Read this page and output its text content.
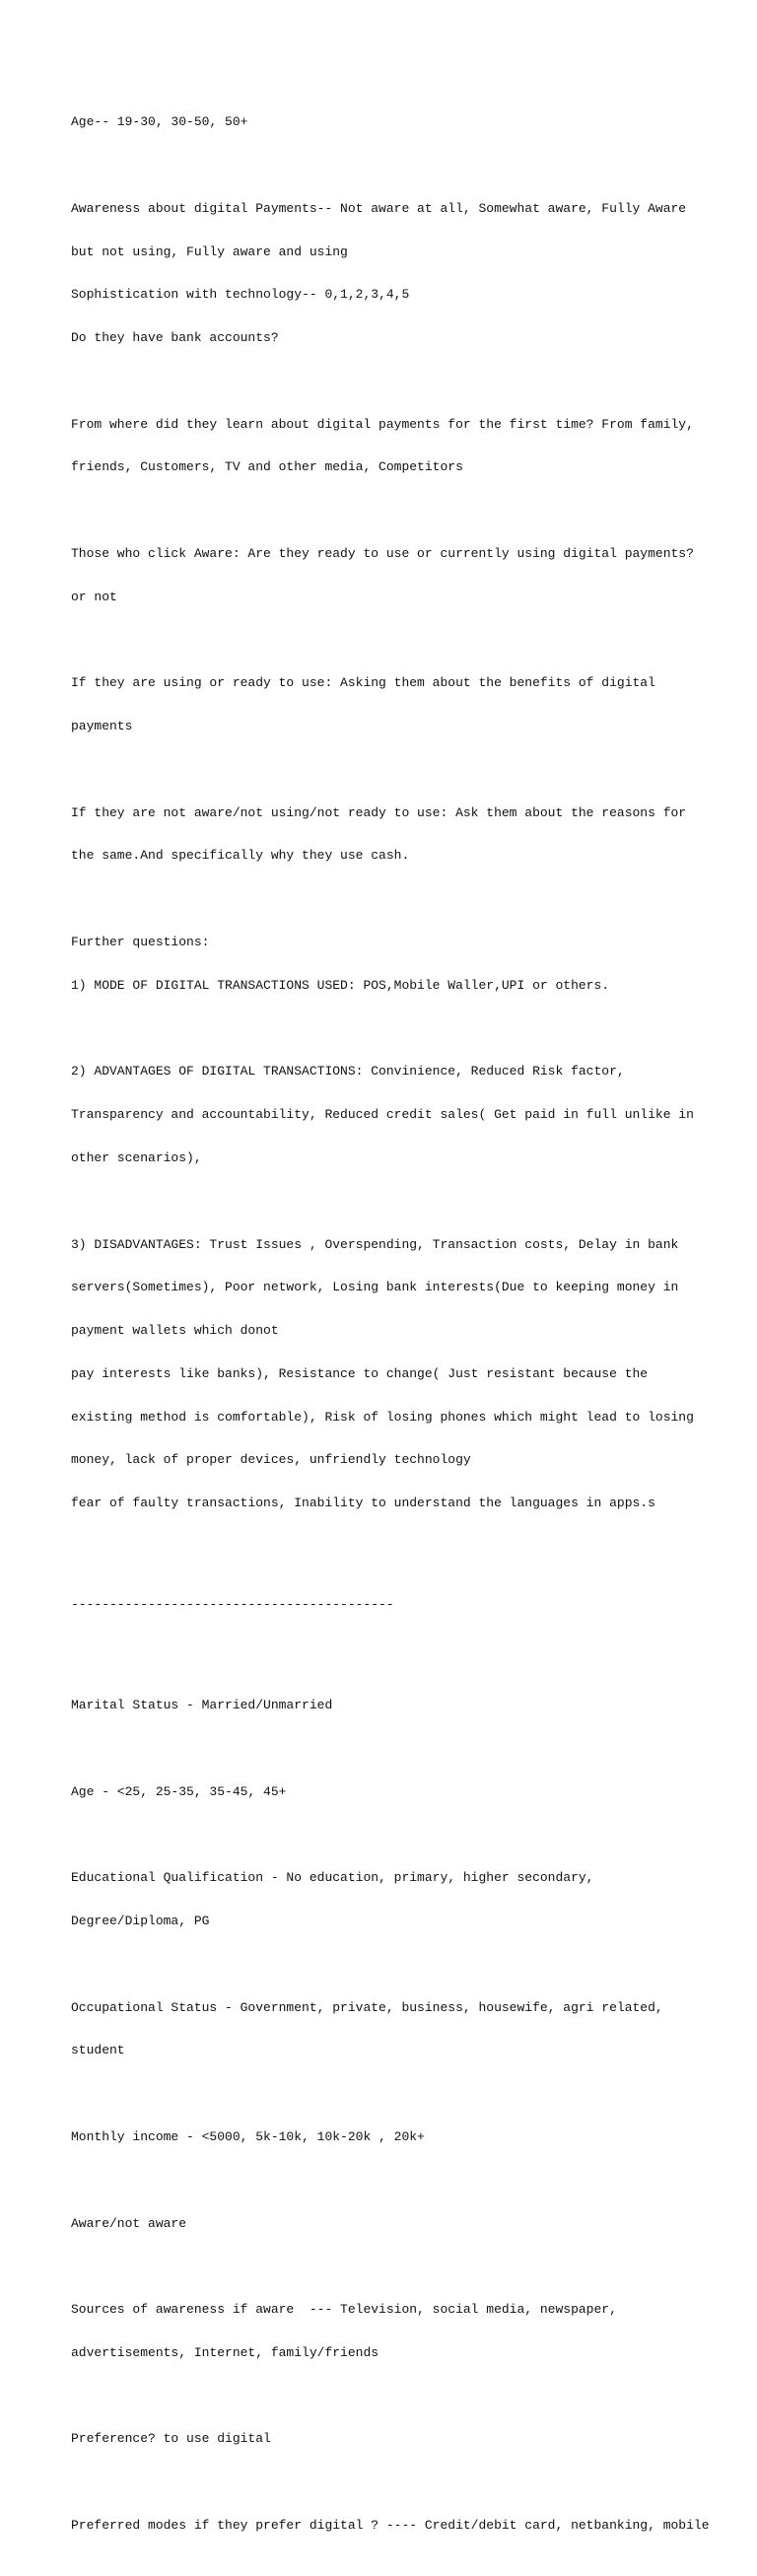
Age-- 19-30, 30-50, 50+

Awareness about digital Payments-- Not aware at all, Somewhat aware, Fully Aware

but not using, Fully aware and using

Sophistication with technology-- 0,1,2,3,4,5

Do they have bank accounts?

From where did they learn about digital payments for the first time? From family,

friends, Customers, TV and other media, Competitors

Those who click Aware: Are they ready to use or currently using digital payments?

or not

If they are using or ready to use: Asking them about the benefits of digital

payments

If they are not aware/not using/not ready to use: Ask them about the reasons for

the same.And specifically why they use cash.

Further questions:

1) MODE OF DIGITAL TRANSACTIONS USED: POS,Mobile Waller,UPI or others.

2) ADVANTAGES OF DIGITAL TRANSACTIONS: Convinience, Reduced Risk factor,

Transparency and accountability, Reduced credit sales( Get paid in full unlike in

other scenarios),

3) DISADVANTAGES: Trust Issues , Overspending, Transaction costs, Delay in bank

servers(Sometimes), Poor network, Losing bank interests(Due to keeping money in

payment wallets which donot

pay interests like banks), Resistance to change( Just resistant because the

existing method is comfortable), Risk of losing phones which might lead to losing

money, lack of proper devices, unfriendly technology

fear of faulty transactions, Inability to understand the languages in apps.s

------------------------------------------

Marital Status - Married/Unmarried

Age - <25, 25-35, 35-45, 45+

Educational Qualification - No education, primary, higher secondary,

Degree/Diploma, PG

Occupational Status - Government, private, business, housewife, agri related,

student

Monthly income - <5000, 5k-10k, 10k-20k , 20k+

Aware/not aware

Sources of awareness if aware  --- Television, social media, newspaper,

advertisements, Internet, family/friends

Preference? to use digital

Preferred modes if they prefer digital ? ---- Credit/debit card, netbanking, mobile
